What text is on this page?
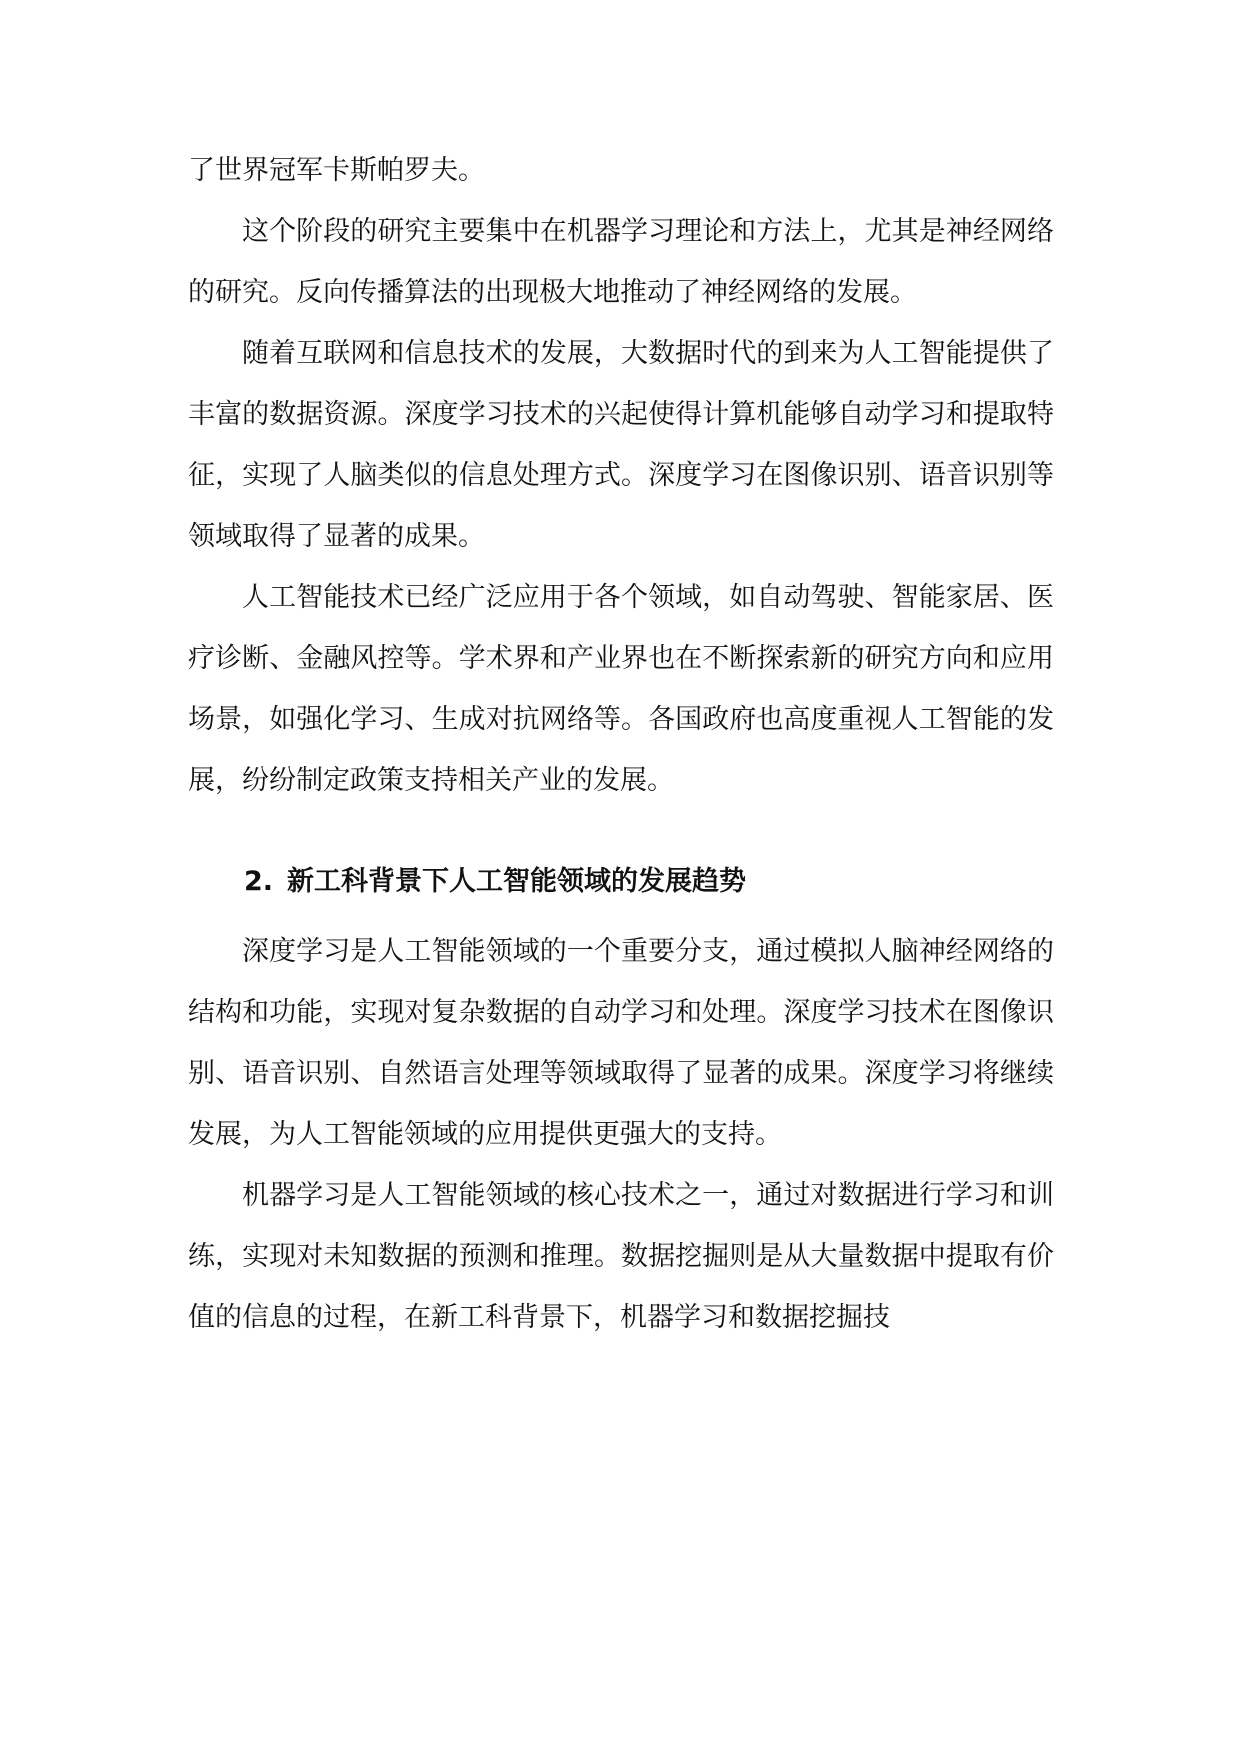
了世界冠军卡斯帕罗夫。

这个阶段的研究主要集中在机器学习理论和方法上，尤其是神经网络的研究。反向传播算法的出现极大地推动了神经网络的发展。

随着互联网和信息技术的发展，大数据时代的到来为人工智能提供了丰富的数据资源。深度学习技术的兴起使得计算机能够自动学习和提取特征，实现了人脑类似的信息处理方式。深度学习在图像识别、语音识别等领域取得了显著的成果。

人工智能技术已经广泛应用于各个领域，如自动驾驶、智能家居、医疗诊断、金融风控等。学术界和产业界也在不断探索新的研究方向和应用场景，如强化学习、生成对抗网络等。各国政府也高度重视人工智能的发展，纷纷制定政策支持相关产业的发展。

2. 新工科背景下人工智能领域的发展趋势

深度学习是人工智能领域的一个重要分支，通过模拟人脑神经网络的结构和功能，实现对复杂数据的自动学习和处理。深度学习技术在图像识别、语音识别、自然语言处理等领域取得了显著的成果。深度学习将继续发展，为人工智能领域的应用提供更强大的支持。

机器学习是人工智能领域的核心技术之一，通过对数据进行学习和训练，实现对未知数据的预测和推理。数据挖掘则是从大量数据中提取有价值的信息的过程，在新工科背景下，机器学习和数据挖掘技
